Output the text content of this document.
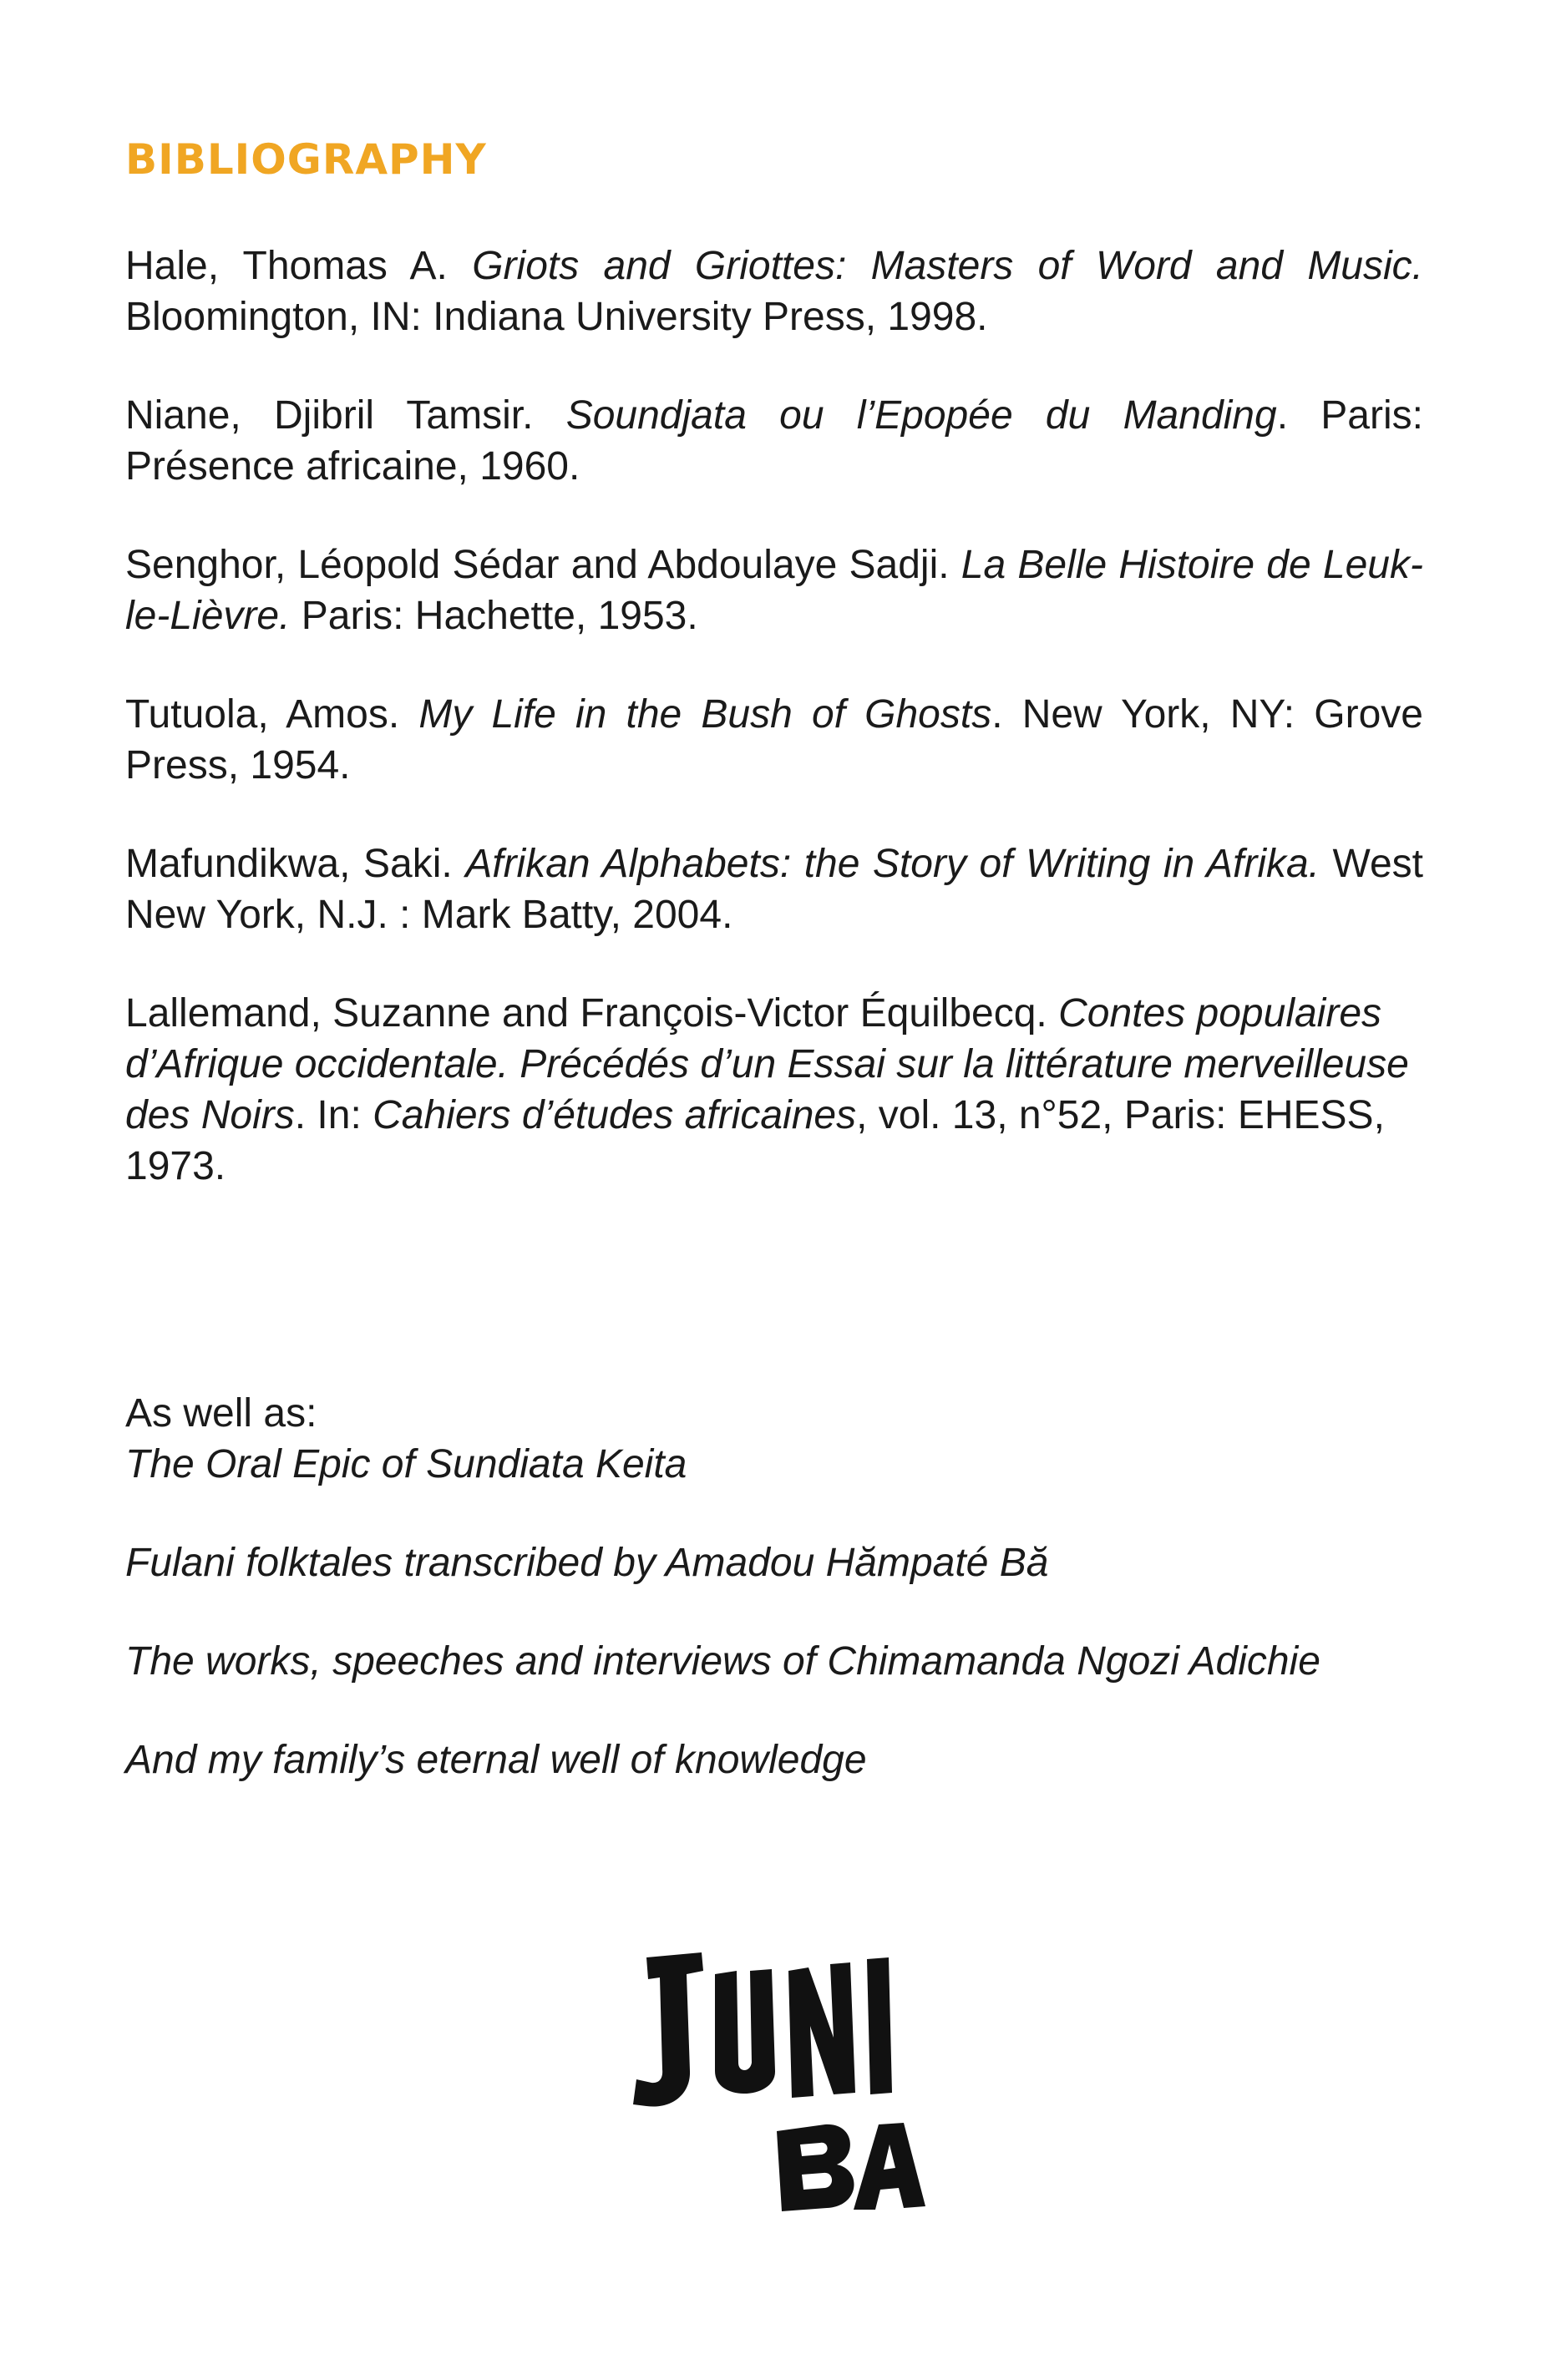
BIBLIOGRAPHY

Hale, Thomas A. Griots and Griottes: Masters of Word and Music. Bloomington, IN: Indiana University Press, 1998.

Niane, Djibril Tamsir. Soundjata ou l’Epopée du Manding. Paris: Présence africaine, 1960.

Senghor, Léopold Sédar and Abdoulaye Sadji. La Belle Histoire de Leuk-le-Lièvre. Paris: Hachette, 1953.

Tutuola, Amos. My Life in the Bush of Ghosts. New York, NY: Grove Press, 1954.

Mafundikwa, Saki. Afrikan Alphabets: the Story of Writing in Afrika. West New York, N.J. : Mark Batty, 2004.

Lallemand, Suzanne and François-Victor Équilbecq. Contes populaires d’Afrique occidentale. Précédés d’un Essai sur la littérature merveilleuse des Noirs. In: Cahiers d’études africaines, vol. 13, n°52, Paris: EHESS, 1973.

As well as:

The Oral Epic of Sundiata Keita

Fulani folktales transcribed by Amadou Hămpaté Bă

The works, speeches and interviews of Chimamanda Ngozi Adichie

And my family’s eternal well of knowledge
